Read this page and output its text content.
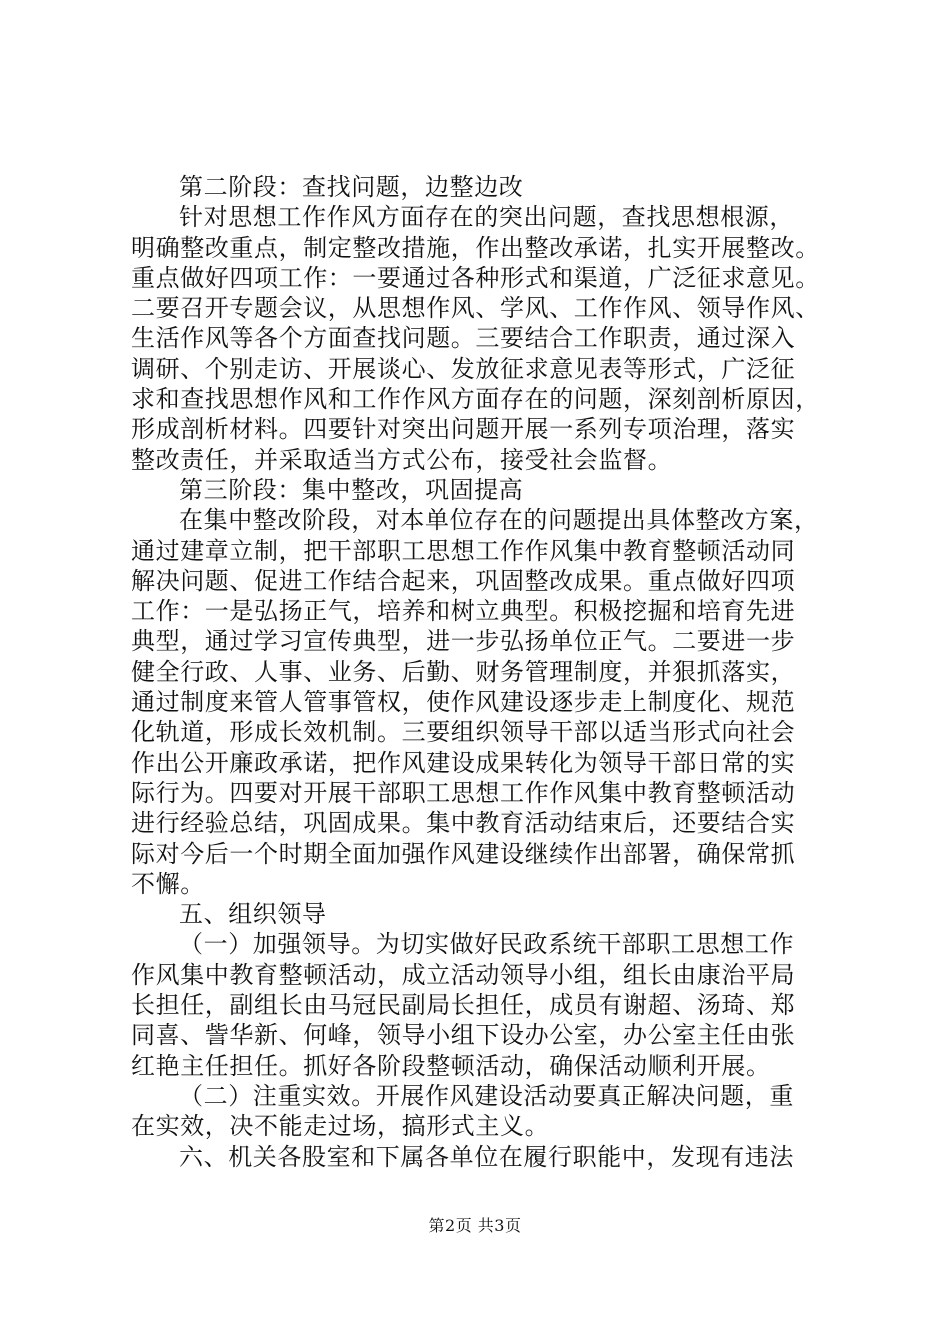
第二阶段：查找问题，边整边改
针对思想工作作风方面存在的突出问题，查找思想根源，
明确整改重点，制定整改措施，作出整改承诺，扎实开展整改。
重点做好四项工作：一要通过各种形式和渠道，广泛征求意见。
二要召开专题会议，从思想作风、学风、工作作风、领导作风、
生活作风等各个方面查找问题。三要结合工作职责，通过深入
调研、个别走访、开展谈心、发放征求意见表等形式，广泛征
求和查找思想作风和工作作风方面存在的问题，深刻剖析原因，
形成剖析材料。四要针对突出问题开展一系列专项治理，落实
整改责任，并采取适当方式公布，接受社会监督。
第三阶段：集中整改，巩固提高
在集中整改阶段，对本单位存在的问题提出具体整改方案，
通过建章立制，把干部职工思想工作作风集中教育整顿活动同
解决问题、促进工作结合起来，巩固整改成果。重点做好四项
工作：一是弘扬正气，培养和树立典型。积极挖掘和培育先进
典型，通过学习宣传典型，进一步弘扬单位正气。二要进一步
健全行政、人事、业务、后勤、财务管理制度，并狠抓落实，
通过制度来管人管事管权，使作风建设逐步走上制度化、规范
化轨道，形成长效机制。三要组织领导干部以适当形式向社会
作出公开廉政承诺，把作风建设成果转化为领导干部日常的实
际行为。四要对开展干部职工思想工作作风集中教育整顿活动
进行经验总结，巩固成果。集中教育活动结束后，还要结合实
际对今后一个时期全面加强作风建设继续作出部署，确保常抓
不懈。
五、组织领导
（一）加强领导。为切实做好民政系统干部职工思想工作
作风集中教育整顿活动，成立活动领导小组，组长由康治平局
长担任，副组长由马冠民副局长担任，成员有谢超、汤琦、郑
同喜、訾华新、何峰，领导小组下设办公室，办公室主任由张
红艳主任担任。抓好各阶段整顿活动，确保活动顺利开展。
（二）注重实效。开展作风建设活动要真正解决问题，重
在实效，决不能走过场，搞形式主义。
六、机关各股室和下属各单位在履行职能中，发现有违法
第2页 共3页
